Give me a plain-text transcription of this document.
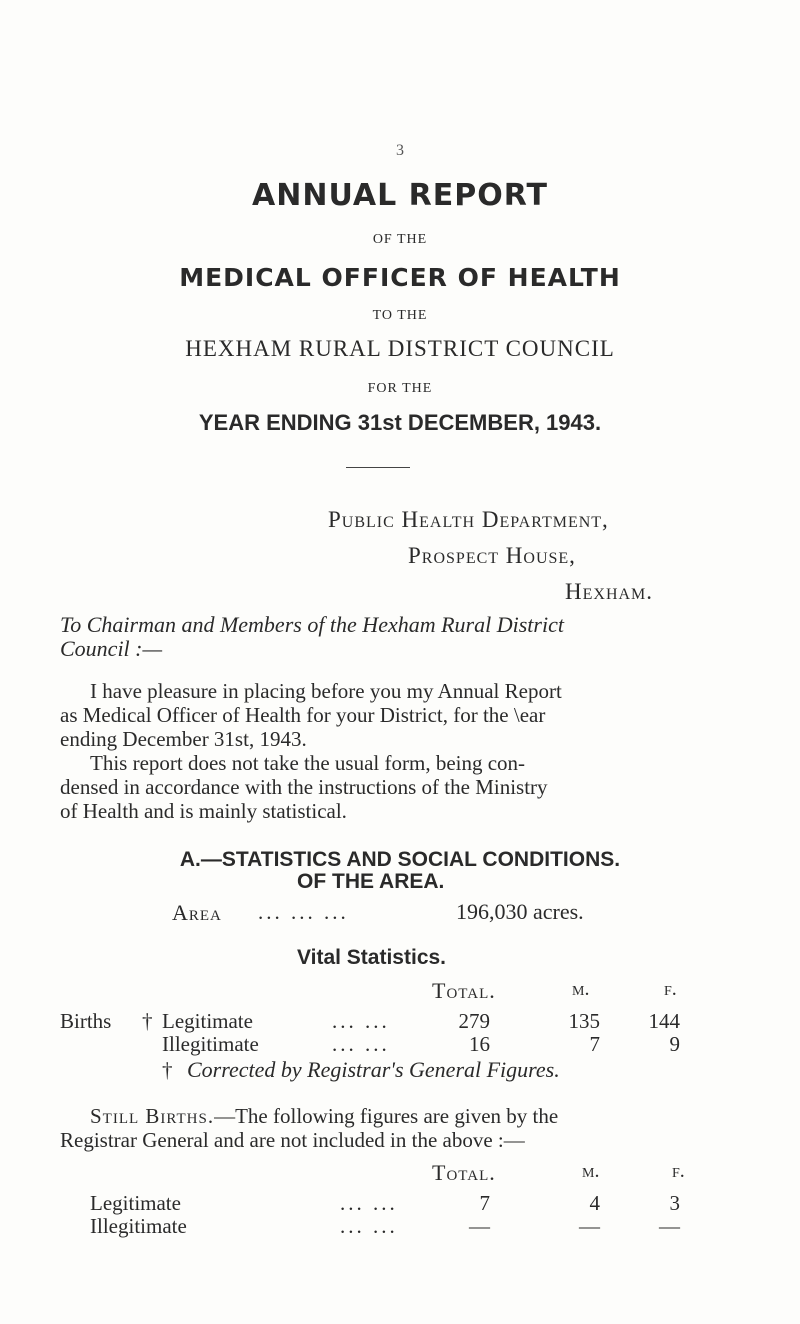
3
ANNUAL REPORT
OF THE
MEDICAL OFFICER OF HEALTH
TO THE
HEXHAM RURAL DISTRICT COUNCIL
FOR THE
YEAR ENDING 31st DECEMBER, 1943.
Public Health Department,
Prospect House,
Hexham.
To Chairman and Members of the Hexham Rural District
Council :—
I have pleasure in placing before you my Annual Report
as Medical Officer of Health for your District, for the \ear
ending December 31st, 1943.
This report does not take the usual form, being con-
densed in accordance with the instructions of the Ministry
of Health and is mainly statistical.
A.—STATISTICS AND SOCIAL CONDITIONS.
OF THE AREA.
Area ... ... ...	196,030 acres.
Vital Statistics.
Total.	m.	f.
Births † Legitimate	... ...	279	135	144
Illegitimate	... ...	16	7	9
† Corrected by Registrar's General Figures.
Still Births.—The following figures are given by the
Registrar General and are not included in the above :—
Total.	m.	f.
Legitimate	... ...	7	4	3
Illegitimate	... ...	—	—	—
